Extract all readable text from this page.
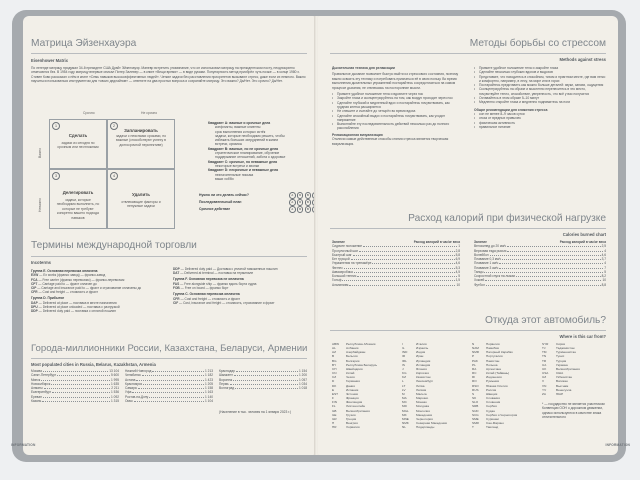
Матрица Эйзенхауэра
Eisenhower Matrix
По легенде матрицу придумал 34-й президент США Дуайт Эйзенхауэр. Маневр встретить упоминание, что он использовал матрицу на президентском посту, неоднократно отмечаются без. В 1954 году матрицу впервые описал Питер Залевер — в книге «Вещи время» — в виде руками. Популярность метод приобрёл чуть позже — в конце 1980 х. Стивен Кови рассказал о нём в книге «Семь навыков высокоэффективных людей». Четкие задачи без расставления приоритетов вызывают стресс, даже если их немного. Важно научиться пользоваться инструментом для «своих дедлайнов» — ответите на два простых вопроса и сохраняйте матрицу. Это важно? Да/Нет. Это срочно? Да/Нет.
Срочно	Не срочно
Важно
Неважно
1
Сделать
задачи из сегодня по срочным или неотложным
2
Запланировать
задачи с неясными сроками, но важные (способствуют успеху в долгосрочной перспективе)
3
Делегировать
задачи, которые необходимо выполнить, но которые не требуют конкретно вашего подхода навыков
4
Удалить
отвлекающие факторы и ненужные задачи
Квадрант А: важные и срочные дела
конфликты, важные клиенты
срок выполнения которых истёк
задачи, которые необходимо решить, чтобы
избежать больших затруднений в жизни
встречи, кризисы
Квадрант В: важные, но не срочные дела
стратегическое планирование, обучение
поддержание отношений, забота о здоровье
Квадрант С: срочные, но неважные дела
некоторые встречи и звонки
Квадрант D: несрочные и неважные дела
незначительные письма
ваши хобби
Нужно ли это делать сейчас?	А Б В
Последовательный план	А Б В
Срочное действие	А Б В
Термины международной торговли
Incoterms
Группа E. Основная перевозка оплачена
EXW — Ex works (франко завод) — франко-завод
FCA — Free carrier (франко перевозчик) — франко-перевозчик
CPT — Carriage paid to — фрахт оплачен до
CIP — Carriage and insurance paid to — фрахт и страхование оплачены до
CFR — Cost and freight — стоимость и фрахт
Группа D. Прибытие
DAP — Delivered at place — поставка в месте назначения
DPU — Delivered at place unloaded — поставка с разгрузкой
DDP — Delivered duty paid — поставка с оплатой пошлин
DDP — Delivered duty paid — Доставка с уплатой таможенных пошлин
DAT — Delivered at terminal — поставка на терминале
Группа F. Основная перевозка не оплачена
FAS — Free alongside ship — франко вдоль борта судна
FOB — Free on board — франко борт
Группа C. Основная перевозка оплачена
CFR — Cost and freight — стоимость и фрахт
CIF — Cost, insurance and freight — стоимость, страхование и фрахт
Города-миллионники России, Казахстана, Беларуси, Армении
Most populated cities in Russia, Belarus, Kazakhstan, Armenia
Москва	13 104
Санкт-Петербург	5 600
Минск	1 995
Новосибирск	1 635
Алматы	2 211
Екатеринбург	1 536
Ереван	1 092
Казань	1 315
Нижний Новгород	1 213
Челябинск	1 182
Астана	1 423
Красноярск	1 205
Самара	1 158
Уфа	1 163
Ростов-на-Дону	1 140
Омск	1 104
Краснодар	1 154
Шымкент	1 200
Воронеж	1 057
Пермь	1 034
Волгоград	1 018
(Население в тыс. человек на 1 января 2023 г.)
INFORMATION
Методы борьбы со стрессом
Methods against stress
Дыхательная техника для релаксации
Правильное дыхание позволяет быстро выйти из стрессового состояния, поэтому важно освоить эту технику и потребовать признаться её в свою пользу. Во время выполнения дыхательных упражнений постарайтесь сосредоточиться на самом процессе дыхания, не отвлекаясь на посторонние мысли.
• Примите удобное положение тела и вдохните через нос
• Закройте глаза и сконцентрируйтесь на том, как воздух проходит через нос
• Сделайте глубокий и медленный вдох и постарайтесь почувствовать, как грудная клетка расширяется
• Не спешите и считайте до четырёх во время вдоха
• Сделайте спокойный выдох и постарайтесь почувствовать, как уходит напряжение
• Выполняйте эту последовательность действий несколько раз до полного расслабления
Релаксационная визуализация
Отключи самые действенные способы снятия стресса является творческая визуализация.
• Примите удобное положение тела и закройте глаза
• Сделайте несколько глубоких вдохов и выдохов
• Представьте, что находитесь в спокойном, тихом и приятном месте, где вам легко и комфортно, например, в лесу, на море или в горах
• Постарайтесь представить как можно больше деталей: звуки, запахи, ощущения
• Сконцентрируйтесь на образе и мысленно перенеситесь в это место, почувствуйте тепло, спокойствие, уверенность, что всё у вас получится
• Оставайтесь в этом образе 5–10 минут
• Медленно откройте глаза и медленно поднимитесь на ноги
Общие рекомендации для снижения стресса
• сон не менее 8–9 часов сутки
• отказ от вредных привычек
• физическая активность
• правильное питание
Расход калорий при физической нагрузке
Calories burned chart
Занятие	Расход калорий в час/кг веса
Сидячее положение	1
Прогулочный шаг	2,8
Быстрый шаг	5,8
Бег трусцой	6,9
Упражнения на тренажёре	4,6
Фитнес	5,3
Аквааэробика	4,5
Большой теннис	5
Гольф	1,5
Альпинизм	10
Занятие	Расход калорий в час/кг веса
Велосипед до 20 км/ч	2,5
Верховая езда рысью	4
Волейбол	4,6
Плавание 0,3 км/ч	3,7
Плавание 1 км/ч	4
Плавание 3 км/ч	7
Танцы	5
Скоростной спуск на лыжах	8,2
Хоккей	10
Футбол	8,8
Откуда этот автомобиль?
Where is this car from?
ABW	Республика Абхазия
AL	Албания
AZ	Азербайджан
B	Бельгия
BG	Болгария
BY	Республика Беларусь
CH	Швейцария
CN	Китай
CZ	Чехия
D	Германия
DK	Дания
E	Испания
EST	Эстония
F	Франция
FIN	Финляндия
FL	Лихтенштейн
GB	Великобритания
GE	Грузия
GR	Греция
H	Венгрия
HR	Хорватия
I	Италия
IL	Израиль
IND	Индия
IR	Иран
IRL	Ирландия
IS	Исландия
J	Япония
KG	Киргизия
KZ	Казахстан
L	Люксембург
LT	Литва
LV	Латвия
M	Мальта
MA	Марокко
MC	Монако
MD	Молдова
MGL	Монголия
MK	Македония
MNE	Черногория
NMK	Северная Македония
NL	Нидерланды
N	Норвегия
NAM	Намибия
NMR	Нагорный Карабах
P	Португалия
PAK	Пакистан
PL	Польша
RA	Аргентина
RC	Китай (Тайвань)
RI	Индонезия
RO	Румыния
RSO	Южная Осетия
RUS	Россия
S	Швеция
SK	Словакия
SLO	Словения
SRB	Сербия
SUD	Судан
SCG	Сербия и Черногория
SME	Суринам
SMR	Сан-Марино
T	Таиланд
SYR	Сирия
TJ	Таджикистан
TM	Туркменистан
TN	Тунис
TR	Турция
UA	Украина
UK	Великобритания
USA	США
UZ	Узбекистан
V	Ватикан
VN	Вьетнам
YV	Венесуэла
ZA	ЮАР
* — государство не является участником Конвенции ООН о дорожном движении, однако используются в качестве знака отличительного
INFORMATION
